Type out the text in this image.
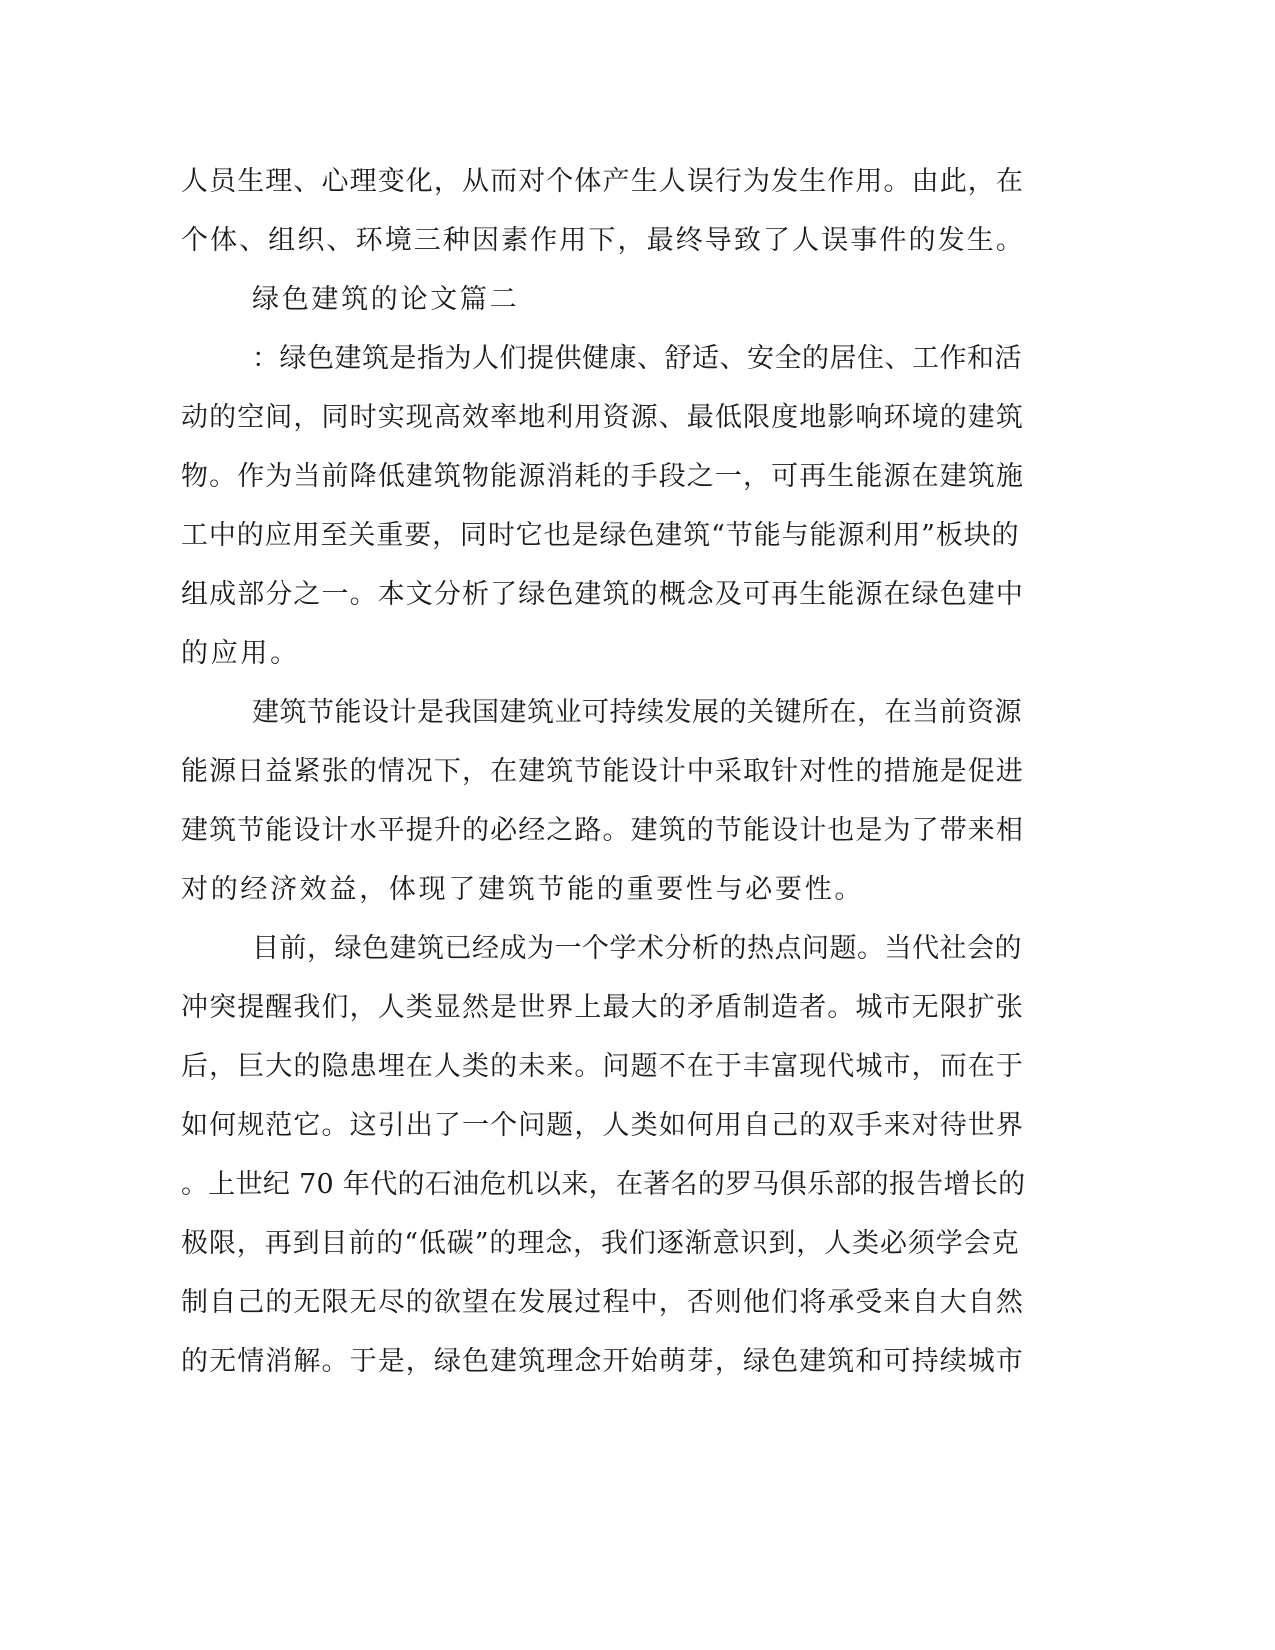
人员生理、心理变化，从而对个体产生人误行为发生作用。由此，在
个体、组织、环境三种因素作用下，最终导致了人误事件的发生。
绿色建筑的论文篇二
：绿色建筑是指为人们提供健康、舒适、安全的居住、工作和活
动的空间，同时实现高效率地利用资源、最低限度地影响环境的建筑
物。作为当前降低建筑物能源消耗的手段之一，可再生能源在建筑施
工中的应用至关重要，同时它也是绿色建筑“节能与能源利用”板块的
组成部分之一。本文分析了绿色建筑的概念及可再生能源在绿色建中
的应用。
建筑节能设计是我国建筑业可持续发展的关键所在，在当前资源
能源日益紧张的情况下，在建筑节能设计中采取针对性的措施是促进
建筑节能设计水平提升的必经之路。建筑的节能设计也是为了带来相
对的经济效益，体现了建筑节能的重要性与必要性。
目前，绿色建筑已经成为一个学术分析的热点问题。当代社会的
冲突提醒我们，人类显然是世界上最大的矛盾制造者。城市无限扩张
后，巨大的隐患埋在人类的未来。问题不在于丰富现代城市，而在于
如何规范它。这引出了一个问题，人类如何用自己的双手来对待世界
。上世纪 70 年代的石油危机以来，在著名的罗马俱乐部的报告增长的
极限，再到目前的“低碳”的理念，我们逐渐意识到，人类必须学会克
制自己的无限无尽的欲望在发展过程中，否则他们将承受来自大自然
的无情消解。于是，绿色建筑理念开始萌芽，绿色建筑和可持续城市
